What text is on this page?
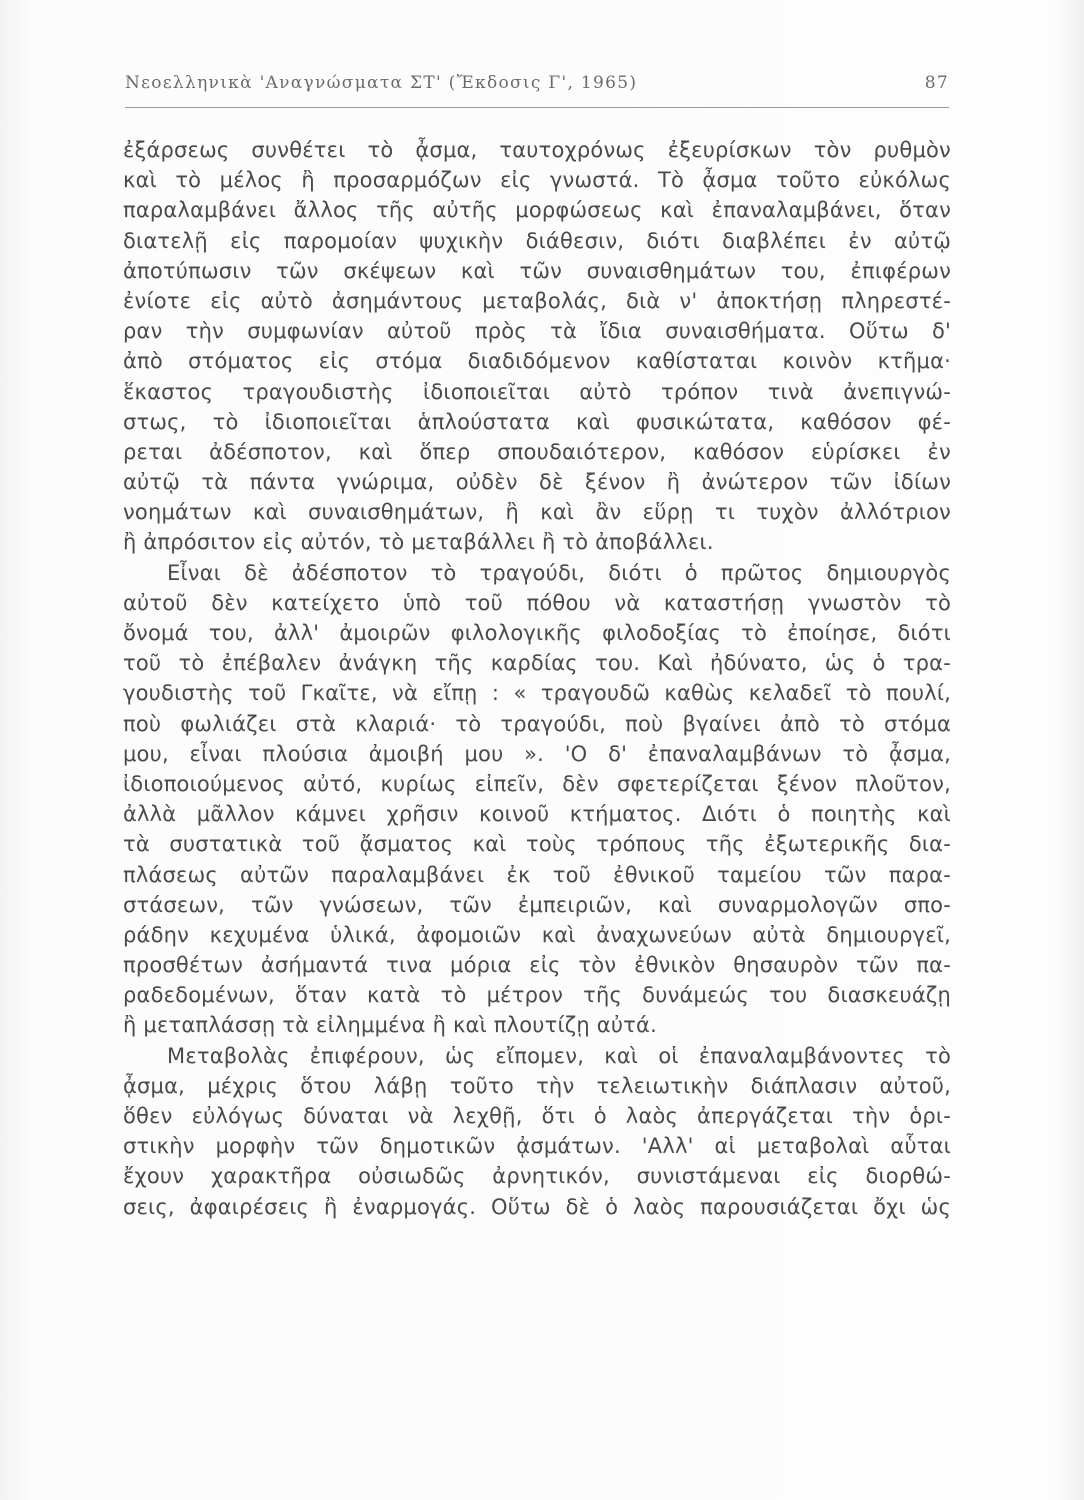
Νεοελληνικὰ 'Αναγνώσματα ΣΤ' (Ἔκδοσις Γ', 1965)	87
ἐξάρσεως συνθέτει τὸ ᾆσμα, ταυτοχρόνως ἐξευρίσκων τὸν ρυθμὸν
καὶ τὸ μέλος ἢ προσαρμόζων εἰς γνωστά. Τὸ ᾆσμα τοῦτο εὐκόλως
παραλαμβάνει ἄλλος τῆς αὐτῆς μορφώσεως καὶ ἐπαναλαμβάνει, ὅταν
διατελῇ εἰς παρομοίαν ψυχικὴν διάθεσιν, διότι διαβλέπει ἐν αὐτῷ
ἀποτύπωσιν τῶν σκέψεων καὶ τῶν συναισθημάτων του, ἐπιφέρων
ἐνίοτε εἰς αὐτὸ ἀσημάντους μεταβολάς, διὰ ν' ἀποκτήσῃ πληρεστέ-
ραν τὴν συμφωνίαν αὐτοῦ πρὸς τὰ ἴδια συναισθήματα. Οὕτω δ'
ἀπὸ στόματος εἰς στόμα διαδιδόμενον καθίσταται κοινὸν κτῆμα·
ἕκαστος τραγουδιστὴς ἰδιοποιεῖται αὐτὸ τρόπον τινὰ ἀνεπιγνώ-
στως, τὸ ἰδιοποιεῖται ἁπλούστατα καὶ φυσικώτατα, καθόσον φέ-
ρεται ἀδέσποτον, καὶ ὅπερ σπουδαιότερον, καθόσον εὑρίσκει ἐν
αὐτῷ τὰ πάντα γνώριμα, οὐδὲν δὲ ξένον ἢ ἀνώτερον τῶν ἰδίων
νοημάτων καὶ συναισθημάτων, ἢ καὶ ἂν εὕρῃ τι τυχὸν ἀλλότριον
ἢ ἀπρόσιτον εἰς αὐτόν, τὸ μεταβάλλει ἢ τὸ ἀποβάλλει.
Εἶναι δὲ ἀδέσποτον τὸ τραγούδι, διότι ὁ πρῶτος δημιουργὸς
αὐτοῦ δὲν κατείχετο ὑπὸ τοῦ πόθου νὰ καταστήσῃ γνωστὸν τὸ
ὄνομά του, ἀλλ' ἀμοιρῶν φιλολογικῆς φιλοδοξίας τὸ ἐποίησε, διότι
τοῦ τὸ ἐπέβαλεν ἀνάγκη τῆς καρδίας του. Καὶ ἠδύνατο, ὡς ὁ τρα-
γουδιστὴς τοῦ Γκαῖτε, νὰ εἴπῃ : « τραγουδῶ καθὼς κελαδεῖ τὸ πουλί,
ποὺ φωλιάζει στὰ κλαριά· τὸ τραγούδι, ποὺ βγαίνει ἀπὸ τὸ στόμα
μου, εἶναι πλούσια ἀμοιβή μου ». 'Ο δ' ἐπαναλαμβάνων τὸ ᾆσμα,
ἰδιοποιούμενος αὐτό, κυρίως εἰπεῖν, δὲν σφετερίζεται ξένον πλοῦτον,
ἀλλὰ μᾶλλον κάμνει χρῆσιν κοινοῦ κτήματος. Διότι ὁ ποιητὴς καὶ
τὰ συστατικὰ τοῦ ᾄσματος καὶ τοὺς τρόπους τῆς ἐξωτερικῆς δια-
πλάσεως αὐτῶν παραλαμβάνει ἐκ τοῦ ἐθνικοῦ ταμείου τῶν παρα-
στάσεων, τῶν γνώσεων, τῶν ἐμπειριῶν, καὶ συναρμολογῶν σπο-
ράδην κεχυμένα ὑλικά, ἀφομοιῶν καὶ ἀναχωνεύων αὐτὰ δημιουργεῖ,
προσθέτων ἀσήμαντά τινα μόρια εἰς τὸν ἐθνικὸν θησαυρὸν τῶν πα-
ραδεδομένων, ὅταν κατὰ τὸ μέτρον τῆς δυνάμεώς του διασκευάζῃ
ἢ μεταπλάσσῃ τὰ εἰλημμένα ἢ καὶ πλουτίζῃ αὐτά.
Μεταβολὰς ἐπιφέρουν, ὡς εἴπομεν, καὶ οἱ ἐπαναλαμβάνοντες τὸ
ᾆσμα, μέχρις ὅτου λάβῃ τοῦτο τὴν τελειωτικὴν διάπλασιν αὐτοῦ,
ὅθεν εὐλόγως δύναται νὰ λεχθῇ, ὅτι ὁ λαὸς ἀπεργάζεται τὴν ὁρι-
στικὴν μορφὴν τῶν δημοτικῶν ᾀσμάτων. 'Αλλ' αἱ μεταβολαὶ αὗται
ἔχουν χαρακτῆρα οὐσιωδῶς ἀρνητικόν, συνιστάμεναι εἰς διορθώ-
σεις, ἀφαιρέσεις ἢ ἐναρμογάς. Οὕτω δὲ ὁ λαὸς παρουσιάζεται ὄχι ὡς
